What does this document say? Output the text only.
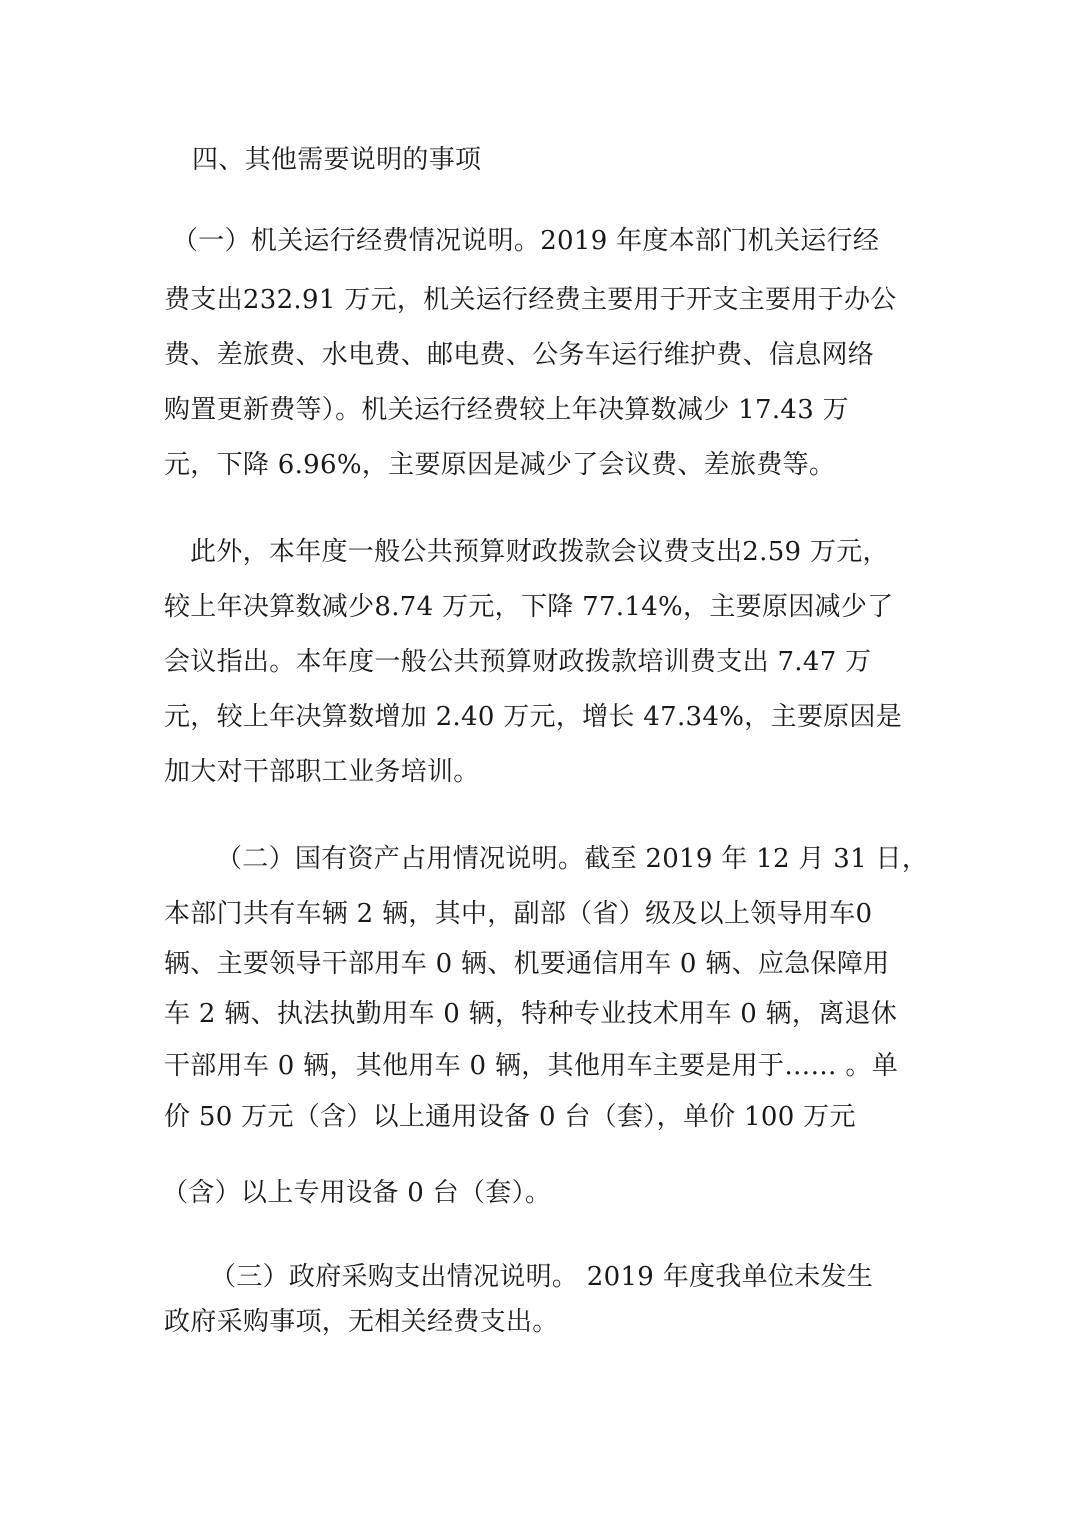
四、其他需要说明的事项
（一）机关运行经费情况说明。2019 年度本部门机关运行经
费支出232.91 万元，机关运行经费主要用于开支主要用于办公
费、差旅费、水电费、邮电费、公务车运行维护费、信息网络
购置更新费等）。机关运行经费较上年决算数减少 17.43 万
元，下降 6.96%，主要原因是减少了会议费、差旅费等。
此外，本年度一般公共预算财政拨款会议费支出2.59 万元，
较上年决算数减少8.74 万元，下降 77.14%，主要原因减少了
会议指出。本年度一般公共预算财政拨款培训费支出 7.47 万
元，较上年决算数增加 2.40 万元，增长 47.34%，主要原因是
加大对干部职工业务培训。
（二）国有资产占用情况说明。截至 2019 年 12 月 31 日，
本部门共有车辆 2 辆，其中，副部（省）级及以上领导用车0
辆、主要领导干部用车 0 辆、机要通信用车 0 辆、应急保障用
车 2 辆、执法执勤用车 0 辆，特种专业技术用车 0 辆，离退休
干部用车 0 辆，其他用车 0 辆，其他用车主要是用于…… 。单
价 50 万元（含）以上通用设备 0 台（套），单价 100 万元
（含）以上专用设备 0 台（套）。
（三）政府采购支出情况说明。 2019 年度我单位未发生
政府采购事项，无相关经费支出。
